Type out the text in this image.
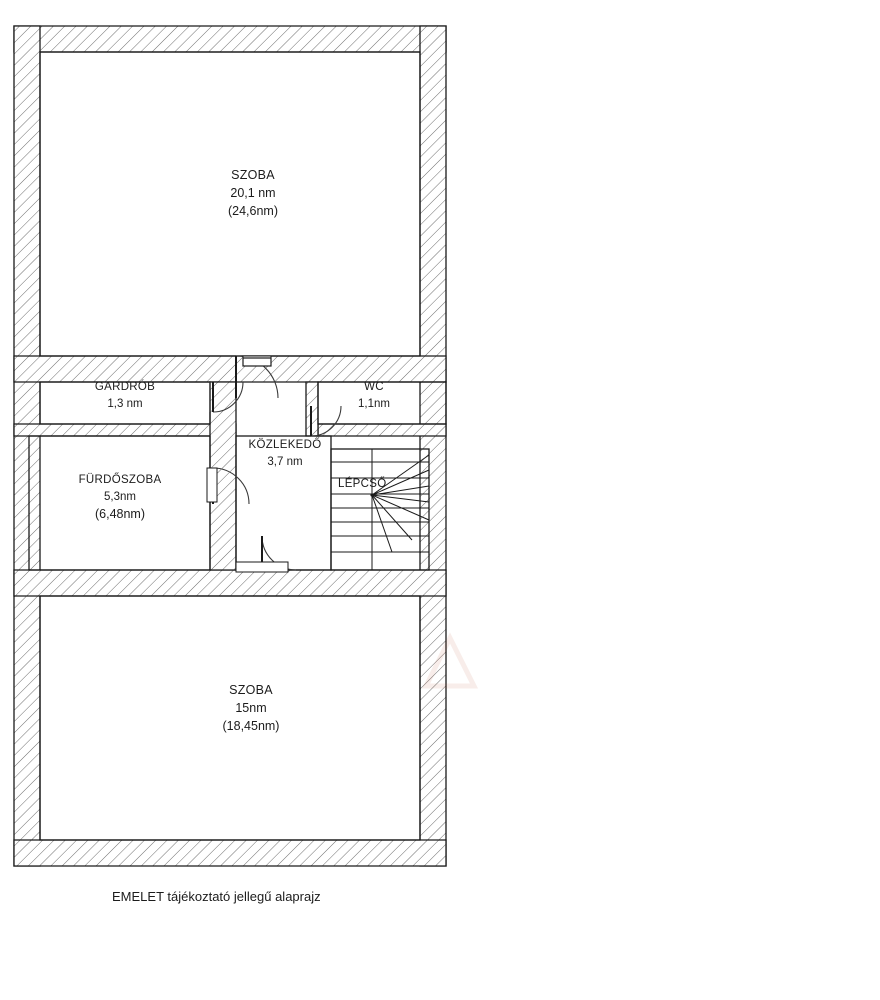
SZOBA
20,1 nm
(24,6nm)
GARDRÓB
1,3 nm
WC
1,1nm
KÖZLEKEDŐ
3,7 nm
FÜRDŐSZOBA
5,3nm
(6,48nm)
LÉPCSŐ
SZOBA
15nm
(18,45nm)
EMELET tájékoztató jellegű alaprajz
